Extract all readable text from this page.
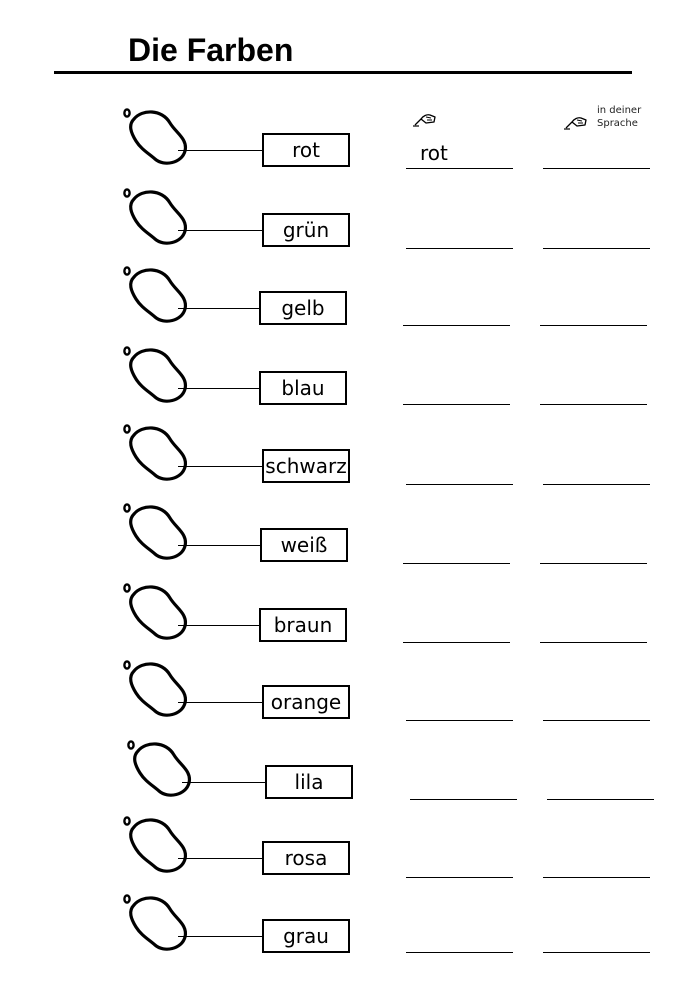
Die Farben
in deiner
Sprache
rot	rot
grün
gelb
blau
schwarz
weiß
braun
orange
lila
rosa
grau
